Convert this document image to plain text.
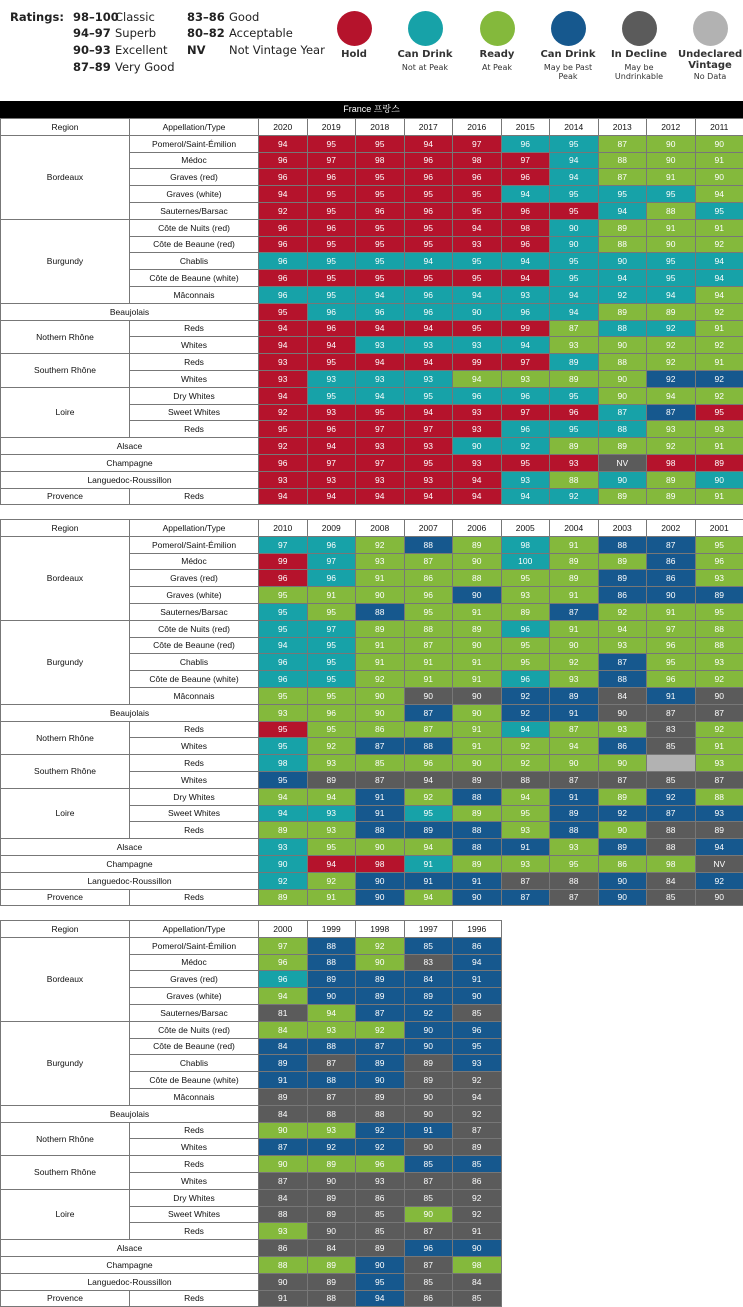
Ratings: 98–100
Classic
94–97 Superb
90–93 Excellent
87–89 Very Good
83–86 Good
80–82 Acceptable
NV Not Vintage Year	Hold	Can Drink
Not at Peak
Ready
At Peak
Can Drink
May be Past Peak
In Decline
May be Undrinkable
Undeclared Vintage
No Data
France 프랑스
Region	Appellation/Type	2020	2019	2018	2017	2016	2015	2014	2013	2012	2011
Bordeaux	Pomerol/Saint-Émilion	94	95	95	94	97	96	95	87	90	90
	Médoc	96	97	98	96	98	97	94	88	90	91
	Graves (red)	96	96	95	96	96	96	94	87	91	90
	Graves (white)	94	95	95	95	95	94	95	95	95	94
	Sauternes/Barsac	92	95	96	96	95	96	95	94	88	95
Burgundy	Côte de Nuits (red)	96	96	95	95	94	98	90	89	91	91
	Côte de Beaune (red)	96	95	95	95	93	96	90	88	90	92
	Chablis	96	95	95	94	95	94	95	90	95	94
	Côte de Beaune (white)	96	95	95	95	95	94	95	94	95	94
	Mâconnais	96	95	94	96	94	93	94	92	94	94
Beaujolais		95	96	96	96	90	96	94	89	89	92
Nothern Rhône	Reds	94	96	94	94	95	99	87	88	92	91
	Whites	94	94	93	93	93	94	93	90	92	92
Southern Rhône	Reds	93	95	94	94	99	97	89	88	92	91
	Whites	93	93	93	93	94	93	89	90	92	92
Loire	Dry Whites	94	95	94	95	96	96	95	90	94	92
	Sweet Whites	92	93	95	94	93	97	96	87	87	95
	Reds	95	96	97	97	93	96	95	88	93	93
Alsace		92	94	93	93	90	92	89	89	92	91
Champagne		96	97	97	95	93	95	93	NV	98	89
Languedoc-Roussillon		93	93	93	93	94	93	88	90	89	90
Provence	Reds	94	94	94	94	94	94	92	89	89	91
Region	Appellation/Type	2010	2009	2008	2007	2006	2005	2004	2003	2002	2001
Bordeaux	Pomerol/Saint-Émilion	97	96	92	88	89	98	91	88	87	95
	Médoc	99	97	93	87	90	100	89	89	86	96
	Graves (red)	96	96	91	86	88	95	89	89	86	93
	Graves (white)	95	91	90	96	90	93	91	86	90	89
	Sauternes/Barsac	95	95	88	95	91	89	87	92	91	95
Burgundy	Côte de Nuits (red)	95	97	89	88	89	96	91	94	97	88
	Côte de Beaune (red)	94	95	91	87	90	95	90	93	96	88
	Chablis	96	95	91	91	91	95	92	87	95	93
	Côte de Beaune (white)	96	95	92	91	91	96	93	88	96	92
	Mâconnais	95	95	90	90	90	92	89	84	91	90
Beaujolais		93	96	90	87	90	92	91	90	87	87
Nothern Rhône	Reds	95	95	86	87	91	94	87	93	83	92
	Whites	95	92	87	88	91	92	94	86	85	91
Southern Rhône	Reds	98	93	85	96	90	92	90	90		93
	Whites	95	89	87	94	89	88	87	87	85	87
Loire	Dry Whites	94	94	91	92	88	94	91	89	92	88
	Sweet Whites	94	93	91	95	89	95	89	92	87	93
	Reds	89	93	88	89	88	93	88	90	88	89
Alsace		93	95	90	94	88	91	93	89	88	94
Champagne		90	94	98	91	89	93	95	86	98	NV
Languedoc-Roussillon		92	92	90	91	91	87	88	90	84	92
Provence	Reds	89	91	90	94	90	87	87	90	85	90
Region	Appellation/Type	2000	1999	1998	1997	1996
Bordeaux	Pomerol/Saint-Émilion	97	88	92	85	86
	Médoc	96	88	90	83	94
	Graves (red)	96	89	89	84	91
	Graves (white)	94	90	89	89	90
	Sauternes/Barsac	81	94	87	92	85
Burgundy	Côte de Nuits (red)	84	93	92	90	96
	Côte de Beaune (red)	84	88	87	90	95
	Chablis	89	87	89	89	93
	Côte de Beaune (white)	91	88	90	89	92
	Mâconnais	89	87	89	90	94
Beaujolais		84	88	88	90	92
Nothern Rhône	Reds	90	93	92	91	87
	Whites	87	92	92	90	89
Southern Rhône	Reds	90	89	96	85	85
	Whites	87	90	93	87	86
Loire	Dry Whites	84	89	86	85	92
	Sweet Whites	88	89	85	90	92
	Reds	93	90	85	87	91
Alsace		86	84	89	96	90
Champagne		88	89	90	87	98
Languedoc-Roussillon		90	89	95	85	84
Provence	Reds	91	88	94	86	85
